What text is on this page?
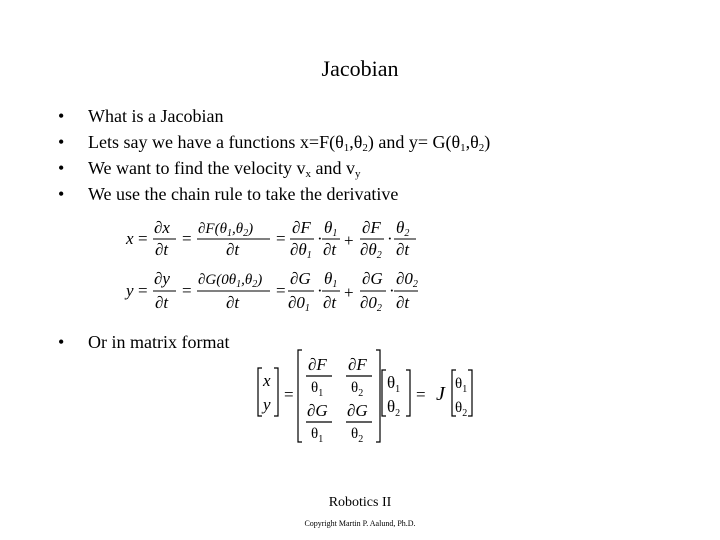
Jacobian
• What is a Jacobian
• Lets say we have a functions $x=F(\theta_1,\theta_2)$ and $y= G(\theta_1,\theta_2)$
• We want to find the velocity $v_x$ and $v_y$
• We use the chain rule to take the derivative
x =
∂x
∂t
= $\partial F(\theta_1,\theta_2)$
∂t
=
∂F
∂θ1
·
θ1
∂t +
∂F
∂θ2
·
θ2
∂t
y =
∂y
∂t
=
$\partial G(0\theta_1,\theta_2)$
∂t
=
∂G
∂01
·
θ1
∂t
+
∂G
∂02
·
∂02
∂t
• Or in matrix format
x
y
=
∂F
$\theta_1$
∂F
$\theta_2$
∂G
$\theta_1$
∂G
$\theta_2$
$\theta_1$
$\theta_2$
= J $\theta_1$
$\theta_2$
Robotics II
Copyright Martin P. Aalund, Ph.D.
